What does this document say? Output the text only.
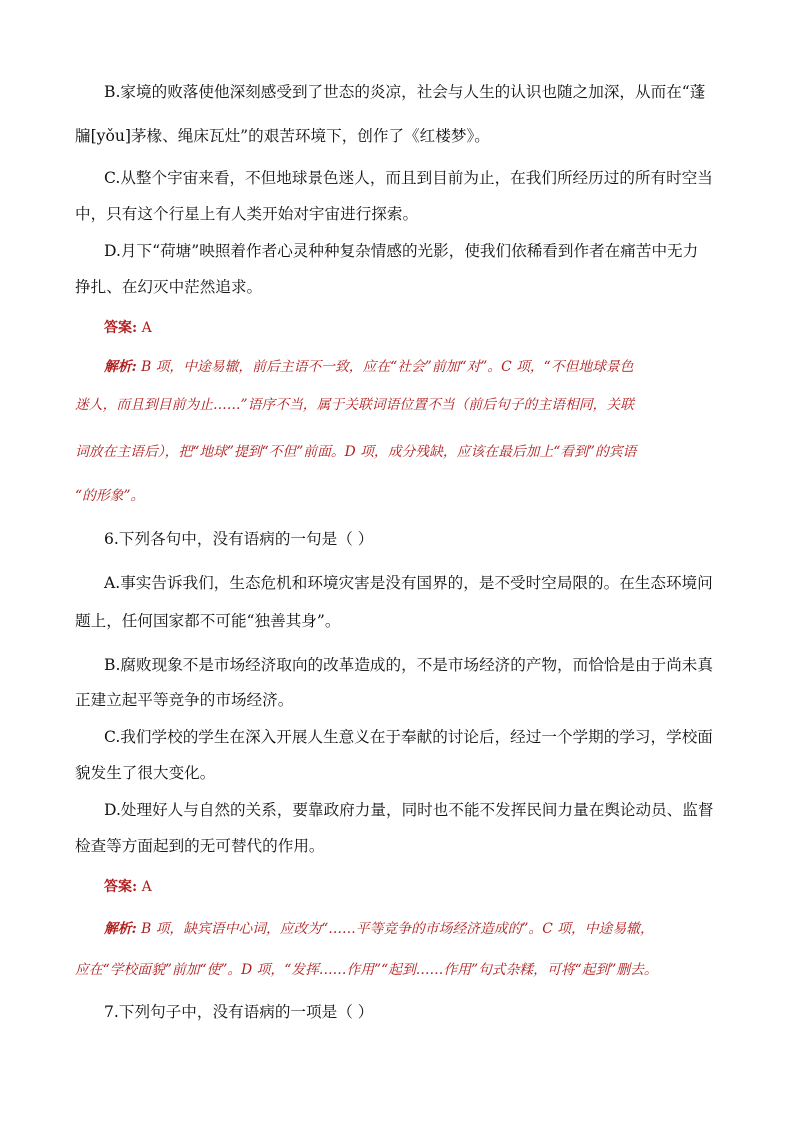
B.家境的败落使他深刻感受到了世态的炎凉，社会与人生的认识也随之加深，从而在“蓬
牖[yǒu]茅椽、绳床瓦灶”的艰苦环境下，创作了《红楼梦》。
C.从整个宇宙来看，不但地球景色迷人，而且到目前为止，在我们所经历过的所有时空当
中，只有这个行星上有人类开始对宇宙进行探索。
D.月下“荷塘”映照着作者心灵种种复杂情感的光影，使我们依稀看到作者在痛苦中无力
挣扎、在幻灭中茫然追求。
答案: A
解析: B 项，中途易辙，前后主语不一致，应在“社会”前加“对”。C 项，“不但地球景色
迷人，而且到目前为止……”语序不当，属于关联词语位置不当（前后句子的主语相同，关联
词放在主语后），把“地球”提到“不但”前面。D 项，成分残缺，应该在最后加上“看到”的宾语
“的形象”。
6.下列各句中，没有语病的一句是（ ）
A.事实告诉我们，生态危机和环境灾害是没有国界的，是不受时空局限的。在生态环境问
题上，任何国家都不可能“独善其身”。
B.腐败现象不是市场经济取向的改革造成的，不是市场经济的产物，而恰恰是由于尚未真
正建立起平等竞争的市场经济。
C.我们学校的学生在深入开展人生意义在于奉献的讨论后，经过一个学期的学习，学校面
貌发生了很大变化。
D.处理好人与自然的关系，要靠政府力量，同时也不能不发挥民间力量在舆论动员、监督
检查等方面起到的无可替代的作用。
答案: A
解析: B 项，缺宾语中心词，应改为“……平等竞争的市场经济造成的”。C 项，中途易辙，
应在“学校面貌”前加“使”。D 项，“发挥……作用”“起到……作用”句式杂糅，可将“起到”删去。
7.下列句子中，没有语病的一项是（ ）
